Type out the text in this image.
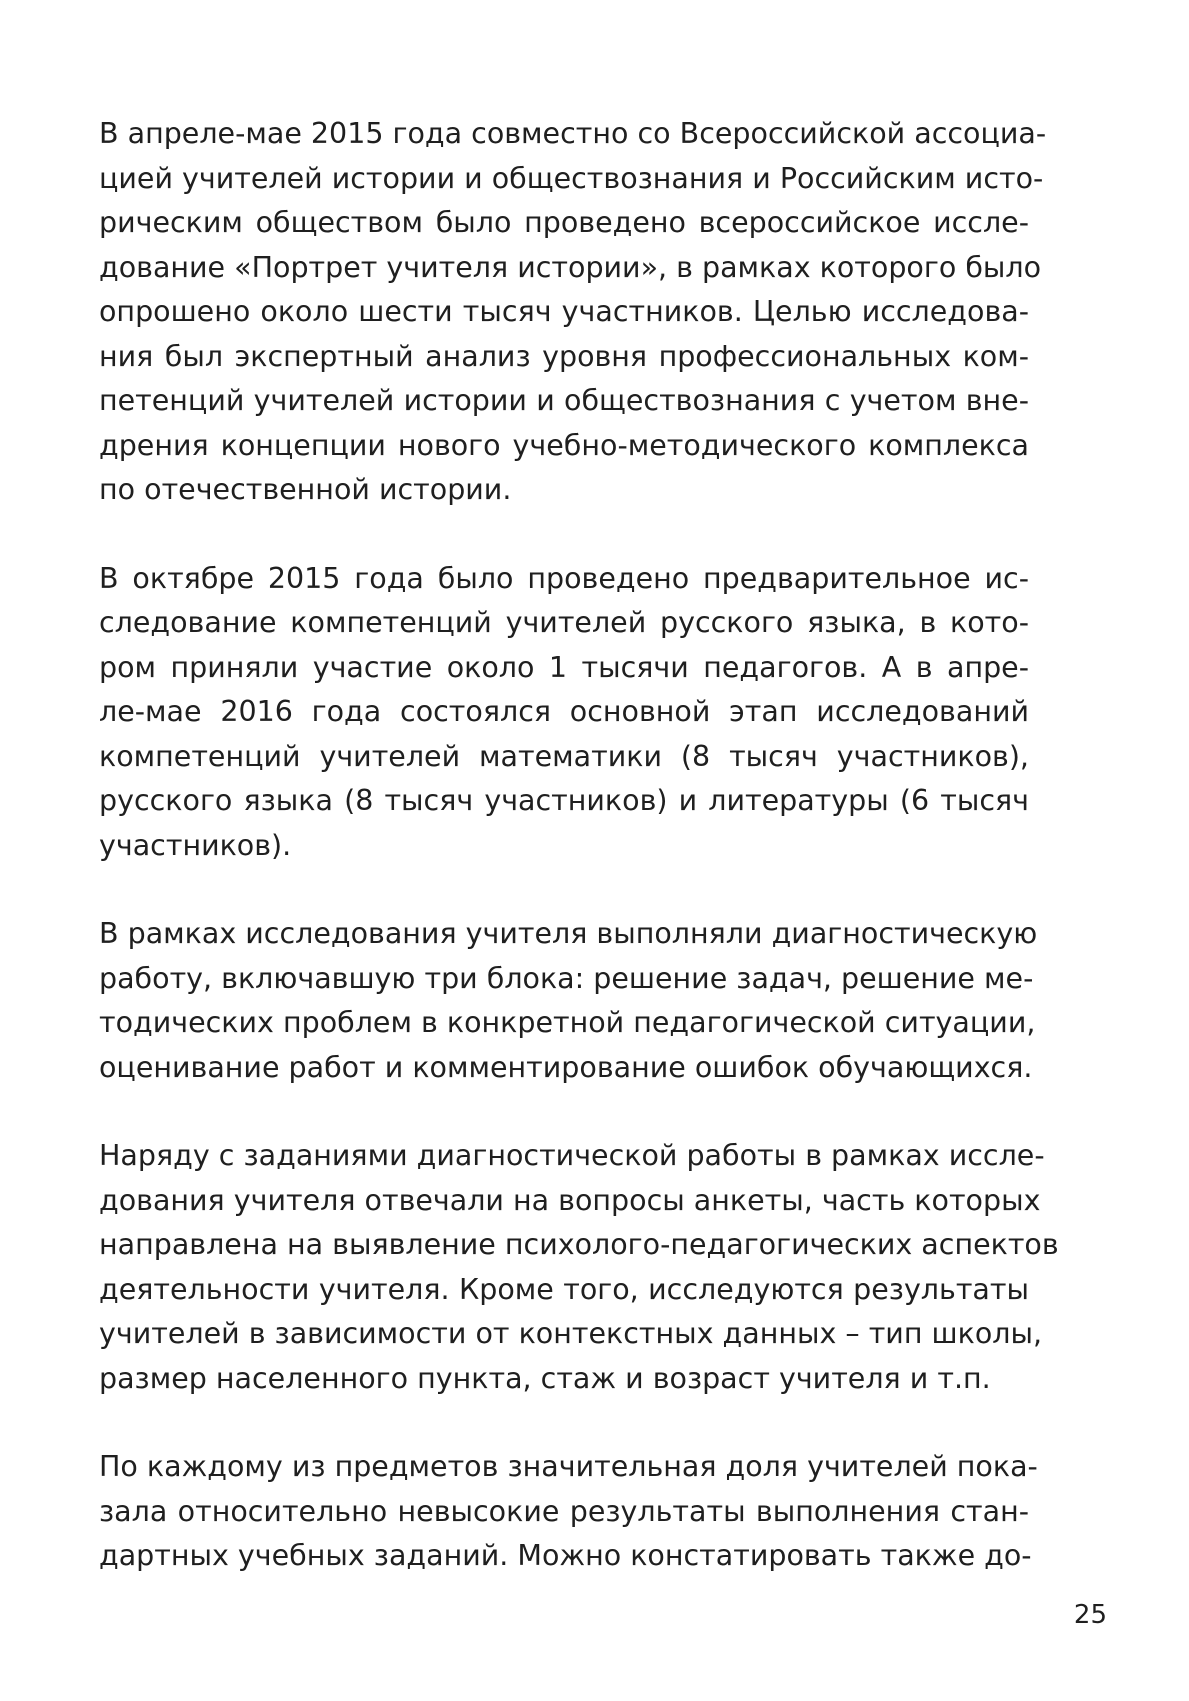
В апреле-мае 2015 года совместно со Всероссийской ассоциа-
цией учителей истории и обществознания и Российским исто-
рическим обществом было проведено всероссийское иссле-
дование «Портрет учителя истории», в рамках которого было
опрошено около шести тысяч участников. Целью исследова-
ния был экспертный анализ уровня профессиональных ком-
петенций учителей истории и обществознания с учетом вне-
дрения концепции нового учебно-методического комплекса
по отечественной истории.

В октябре 2015 года было проведено предварительное ис-
следование компетенций учителей русского языка, в кото-
ром приняли участие около 1 тысячи педагогов. А в апре-
ле-мае 2016 года состоялся основной этап исследований
компетенций учителей математики (8 тысяч участников),
русского языка (8 тысяч участников) и литературы (6 тысяч
участников).

В рамках исследования учителя выполняли диагностическую
работу, включавшую три блока: решение задач, решение ме-
тодических проблем в конкретной педагогической ситуации,
оценивание работ и комментирование ошибок обучающихся.

Наряду с заданиями диагностической работы в рамках иссле-
дования учителя отвечали на вопросы анкеты, часть которых
направлена на выявление психолого-педагогических аспектов
деятельности учителя. Кроме того, исследуются результаты
учителей в зависимости от контекстных данных – тип школы,
размер населенного пункта, стаж и возраст учителя и т.п.

По каждому из предметов значительная доля учителей пока-
зала относительно невысокие результаты выполнения стан-
дартных учебных заданий. Можно констатировать также до-

25
